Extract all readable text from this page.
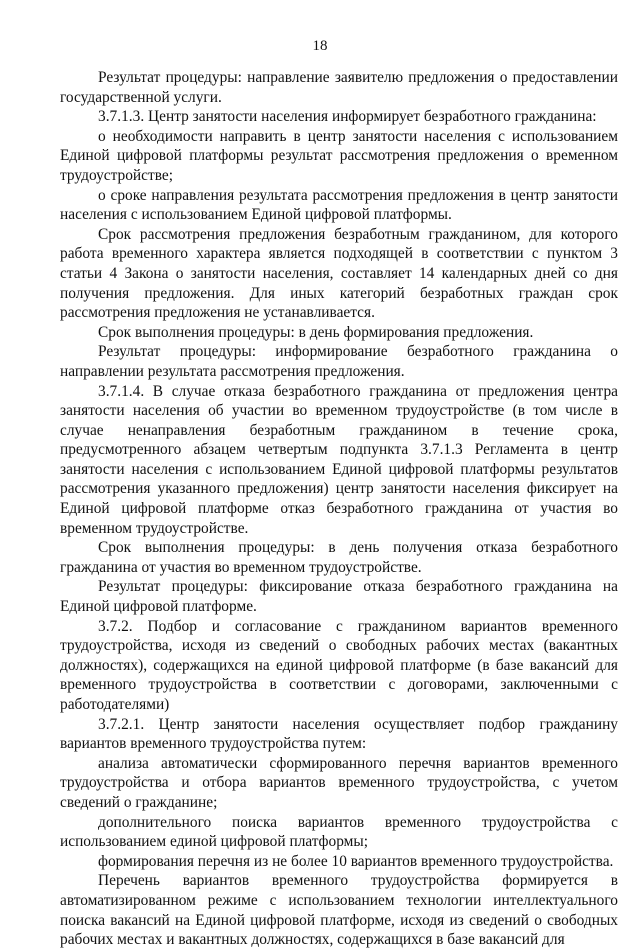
18

Результат процедуры: направление заявителю предложения о предоставлении государственной услуги.

3.7.1.3. Центр занятости населения информирует безработного гражданина:

о необходимости направить в центр занятости населения с использованием Единой цифровой платформы результат рассмотрения предложения о временном трудоустройстве;

о сроке направления результата рассмотрения предложения в центр занятости населения с использованием Единой цифровой платформы.

Срок рассмотрения предложения безработным гражданином, для которого работа временного характера является подходящей в соответствии с пунктом 3 статьи 4 Закона о занятости населения, составляет 14 календарных дней со дня получения предложения. Для иных категорий безработных граждан срок рассмотрения предложения не устанавливается.

Срок выполнения процедуры: в день формирования предложения.

Результат процедуры: информирование безработного гражданина о направлении результата рассмотрения предложения.

3.7.1.4. В случае отказа безработного гражданина от предложения центра занятости населения об участии во временном трудоустройстве (в том числе в случае ненаправления безработным гражданином в течение срока, предусмотренного абзацем четвертым подпункта 3.7.1.3 Регламента в центр занятости населения с использованием Единой цифровой платформы результатов рассмотрения указанного предложения) центр занятости населения фиксирует на Единой цифровой платформе отказ безработного гражданина от участия во временном трудоустройстве.

Срок выполнения процедуры: в день получения отказа безработного гражданина от участия во временном трудоустройстве.

Результат процедуры: фиксирование отказа безработного гражданина на Единой цифровой платформе.

3.7.2. Подбор и согласование с гражданином вариантов временного трудоустройства, исходя из сведений о свободных рабочих местах (вакантных должностях), содержащихся на единой цифровой платформе (в базе вакансий для временного трудоустройства в соответствии с договорами, заключенными с работодателями)

3.7.2.1. Центр занятости населения осуществляет подбор гражданину вариантов временного трудоустройства путем:

анализа автоматически сформированного перечня вариантов временного трудоустройства и отбора вариантов временного трудоустройства, с учетом сведений о гражданине;

дополнительного поиска вариантов временного трудоустройства с использованием единой цифровой платформы;

формирования перечня из не более 10 вариантов временного трудоустройства.

Перечень вариантов временного трудоустройства формируется в автоматизированном режиме с использованием технологии интеллектуального поиска вакансий на Единой цифровой платформе, исходя из сведений о свободных рабочих местах и вакантных должностях, содержащихся в базе вакансий для
